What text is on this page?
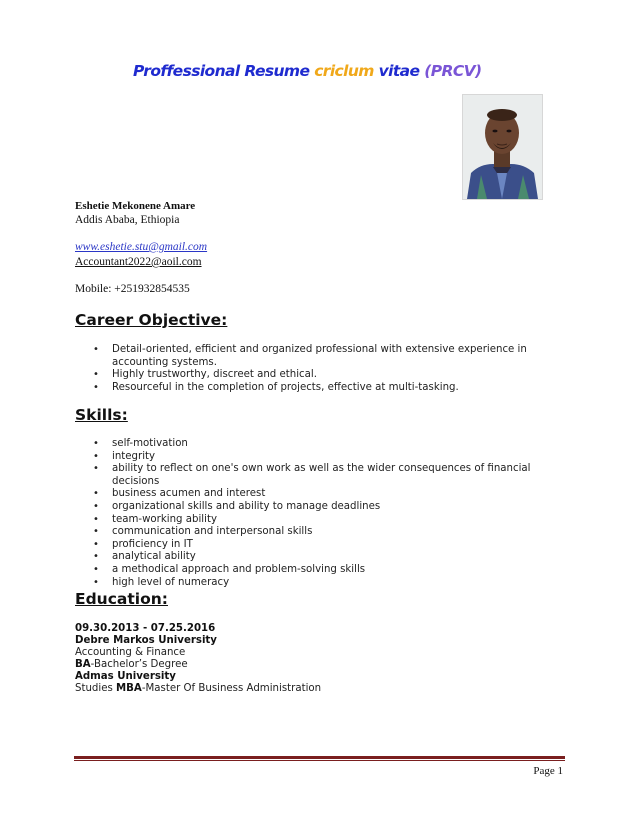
Proffessional Resume criclum vitae (PRCV)
Eshetie Mekonene Amare
Addis Ababa, Ethiopia
www.eshetie.stu@gmail.com
Accountant2022@aoil.com
Mobile: +251932854535
Career Objective:
• Detail-oriented, efficient and organized professional with extensive experience in accounting systems.
• Highly trustworthy, discreet and ethical.
• Resourceful in the completion of projects, effective at multi-tasking.
Skills:
• self-motivation
• integrity
• ability to reflect on one's own work as well as the wider consequences of financial decisions
• business acumen and interest
• organizational skills and ability to manage deadlines
• team-working ability
• communication and interpersonal skills
• proficiency in IT
• analytical ability
• a methodical approach and problem-solving skills
• high level of numeracy
Education:
09.30.2013 - 07.25.2016
Debre Markos University
Accounting & Finance
BA-Bachelor’s Degree
Admas University
Studies MBA-Master Of Business Administration
Page 1
